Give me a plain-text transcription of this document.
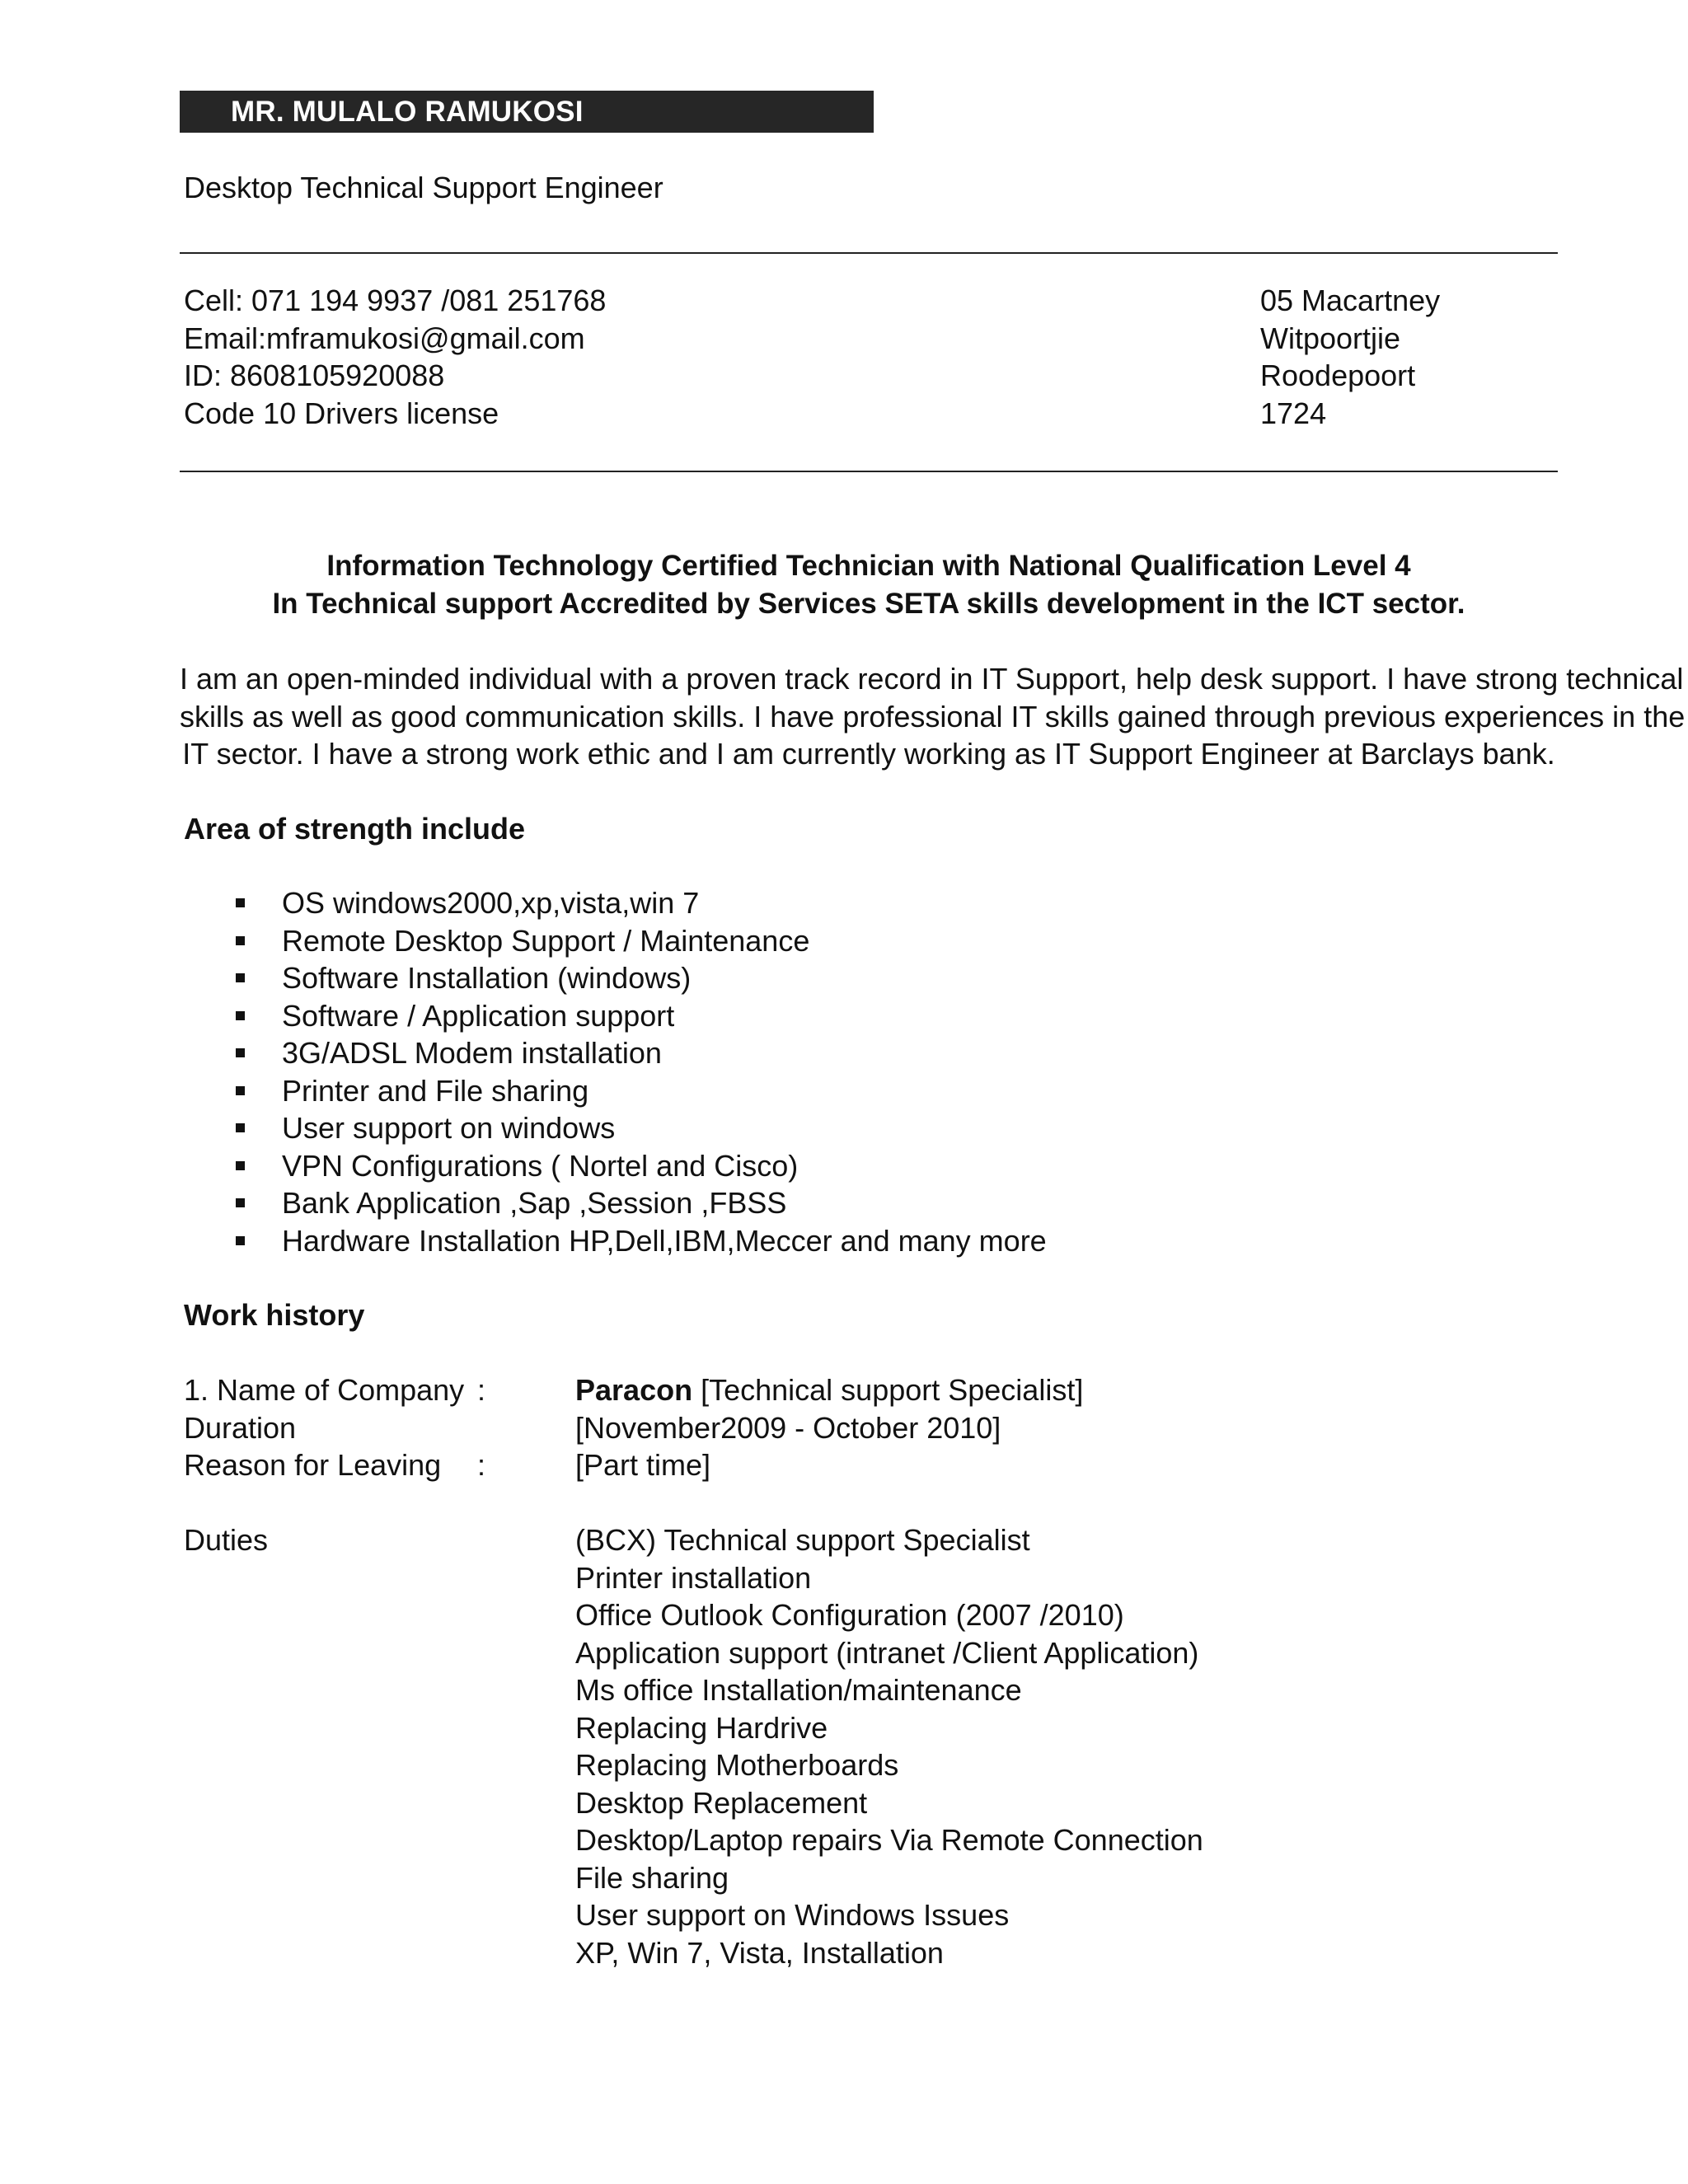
MR. MULALO RAMUKOSI
Desktop Technical Support Engineer
Cell: 071 194 9937 /081 251768
Email:mframukosi@gmail.com
ID: 8608105920088
Code 10 Drivers license
05 Macartney
Witpoortjie
Roodepoort
1724
Information Technology Certified Technician with National Qualification Level 4
In Technical support Accredited by Services SETA skills development in the ICT sector.
I am an open-minded individual with a proven track record in IT Support, help desk support. I have strong technical
skills as well as good communication skills. I have professional IT skills gained through previous experiences in the
IT sector. I have a strong work ethic and I am currently working as IT Support Engineer at Barclays bank.
Area of strength include
OS windows2000,xp,vista,win 7
Remote Desktop Support / Maintenance
Software Installation (windows)
Software / Application support
3G/ADSL Modem installation
Printer and File sharing
User support on windows
VPN Configurations ( Nortel and Cisco)
Bank Application ,Sap ,Session ,FBSS
Hardware Installation HP,Dell,IBM,Meccer and many more
Work history
1. Name of Company :	Paracon [Technical support Specialist]
Duration	[November2009 - October 2010]
Reason for Leaving :	[Part time]
Duties	(BCX) Technical support Specialist
Printer installation
Office Outlook Configuration (2007 /2010)
Application support (intranet /Client Application)
Ms office Installation/maintenance
Replacing Hardrive
Replacing Motherboards
Desktop Replacement
Desktop/Laptop repairs Via Remote Connection
File sharing
User support on Windows Issues
XP, Win 7, Vista, Installation
